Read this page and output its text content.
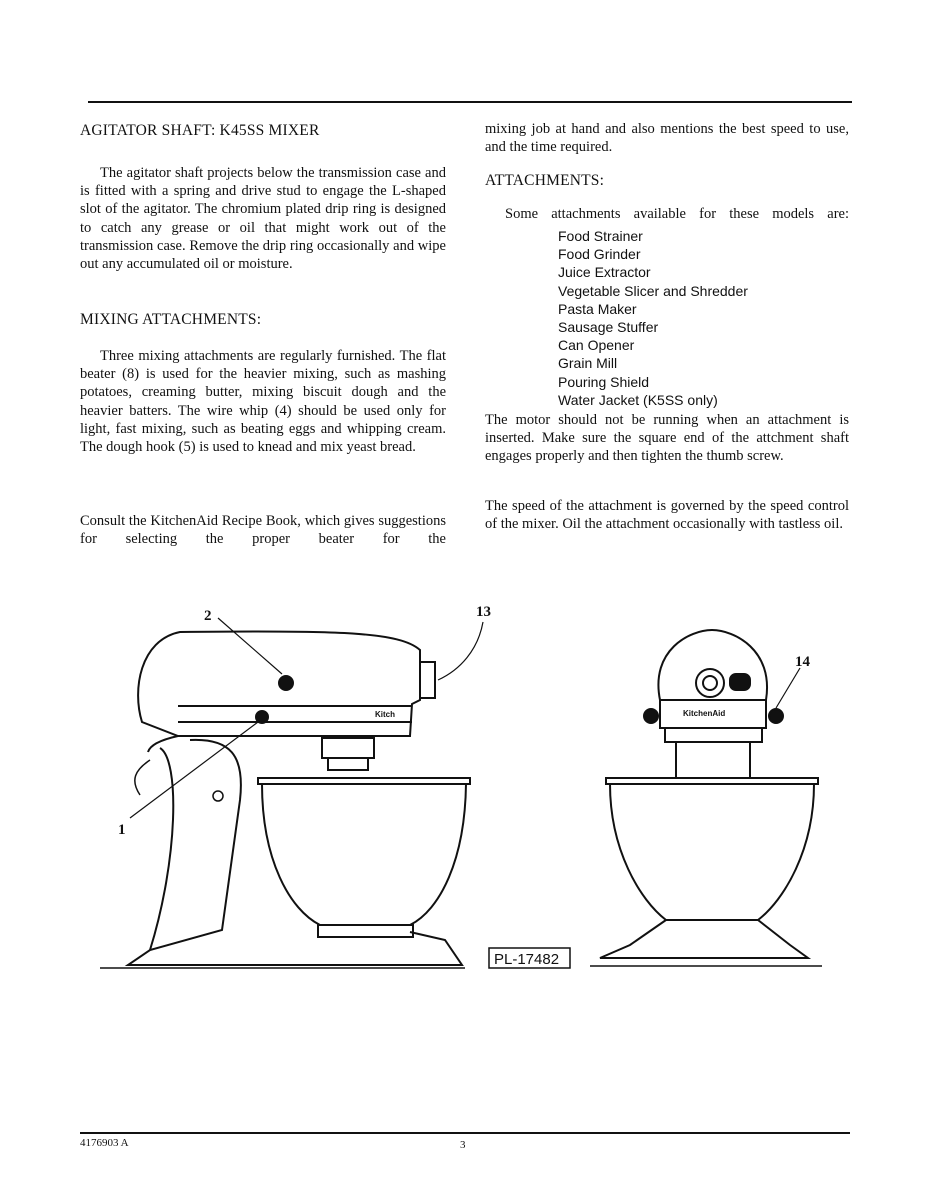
AGITATOR SHAFT: K45SS MIXER

The agitator shaft projects below the transmission case and is fitted with a spring and drive stud to engage the L-shaped slot of the agitator. The chromium plated drip ring is designed to catch any grease or oil that might work out of the transmission case. Remove the drip ring occasionally and wipe out any accumulated oil or moisture.

MIXING ATTACHMENTS:

Three mixing attachments are regularly furnished. The flat beater (8) is used for the heavier mixing, such as mashing potatoes, creaming butter, mixing biscuit dough and the heavier batters. The wire whip (4) should be used only for light, fast mixing, such as beating eggs and whipping cream. The dough hook (5) is used to knead and mix yeast bread.

Consult the KitchenAid Recipe Book, which gives suggestions for selecting the proper beater for the

mixing job at hand and also mentions the best speed to use, and the time required.

ATTACHMENTS:

Some attachments available for these models are:

Food Strainer
Food Grinder
Juice Extractor
Vegetable Slicer and Shredder
Pasta Maker
Sausage Stuffer
Can Opener
Grain Mill
Pouring Shield
Water Jacket (K5SS only)

The motor should not be running when an attachment is inserted. Make sure the square end of the attchment shaft engages properly and then tighten the thumb screw.

The speed of the attachment is governed by the speed control of the mixer. Oil the attachment occasionally with tastless oil.

Kitch	KitchenAid
2	13
14
1
PL-17482
4176903 A	3
